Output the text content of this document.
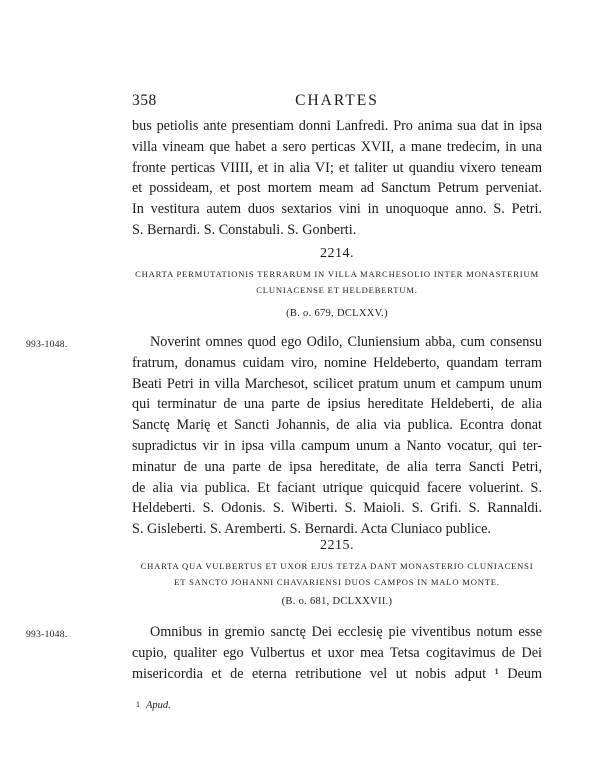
358	CHARTES
bus petiolis ante presentiam donni Lanfredi. Pro anima sua dat in ipsa
villa vineam que habet a sero perticas XVII, a mane tredecim, in una
fronte perticas VIIII, et in alia VI; et taliter ut quandiu vixero teneam
et possideam, et post mortem meam ad Sanctum Petrum perveniat.
In vestitura autem duos sextarios vini in unoquoque anno. S. Petri.
S. Bernardi. S. Constabuli. S. Gonberti.
2214.
CHARTA PERMUTATIONIS TERRARUM IN VILLA MARCHESOLIO INTER MONASTERIUM
CLUNIACENSE ET HELDEBERTUM.
(B. o. 679, DCLXXV.)
993-1048.	Noverint omnes quod ego Odilo, Cluniensium abba, cum consensu
fratrum, donamus cuidam viro, nomine Heldeberto, quandam terram
Beati Petri in villa Marchesot, scilicet pratum unum et campum unum
qui terminatur de una parte de ipsius hereditate Heldeberti, de alia
Sanctę Marię et Sancti Johannis, de alia via publica. Econtra donat
supradictus vir in ipsa villa campum unum a Nanto vocatur, qui ter-
minatur de una parte de ipsa hereditate, de alia terra Sancti Petri,
de alia via publica. Et faciant utrique quicquid facere voluerint. S.
Heldeberti. S. Odonis. S. Wiberti. S. Maioli. S. Grifi. S. Rannaldi.
S. Gisleberti. S. Aremberti. S. Bernardi. Acta Cluniaco publice.
2215.
CHARTA QUA VULBERTUS ET UXOR EJUS TETZA DANT MONASTERIO CLUNIACENSI
ET SANCTO JOHANNI CHAVARIENSI DUOS CAMPOS IN MALO MONTE.
(B. o. 681, DCLXXVII.)
993-1048.	Omnibus in gremio sanctę Dei ecclesię pie viventibus notum esse
cupio, qualiter ego Vulbertus et uxor mea Tetsa cogitavimus de Dei
misericordia et de eterna retributione vel ut nobis adput ¹ Deum
$^1$ Apud.
